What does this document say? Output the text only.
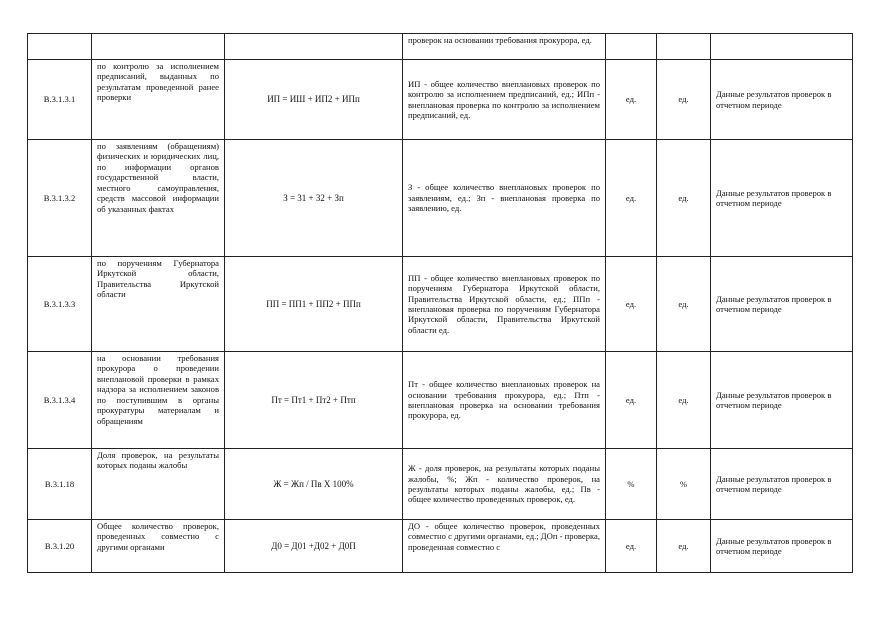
			проверок на основании требования прокурора, ед.			
В.3.1.3.1	по контролю за исполнением предписаний, выданных по результатам проведенной ранее проверки	ИП = ИШ + ИП2 + ИПп	ИП - общее количество внеплановых проверок по контролю за исполнением предписаний, ед.; ИПп - внеплановая проверка по контролю за исполнением предписаний, ед.	ед.	ед.	Данные результатов проверок в отчетном периоде
В.3.1.3.2	по заявлениям (обращениям) физических и юридических лиц, по информации органов государственной власти, местного самоуправления, средств массовой информации об указанных фактах	З = 31 + 32 + Зп	З - общее количество внеплановых проверок по заявлениям, ед.; Зп - внеплановая проверка по заявлению, ед.	ед.	ед.	Данные результатов проверок в отчетном периоде
В.3.1.3.3	по поручениям Губернатора Иркутской области, Правительства Иркутской области	ПП = ПП1 + ПП2 + ППп	ПП - общее количество внеплановых проверок по поручениям Губернатора Иркутской области, Правительства Иркутской области, ед.; ППп - внеплановая проверка по поручениям Губернатора Иркутской области, Правительства Иркутской области ед.	ед.	ед.	Данные результатов проверок в отчетном периоде
В.3.1.3.4	на основании требования прокурора о проведении внеплановой проверки в рамках надзора за исполнением законов по поступившим в органы прокуратуры материалам и обращениям	Пт = Пт1 + Пт2 + Птп	Пт - общее количество внеплановых проверок на основании требования прокурора, ед.; Птп - внеплановая проверка на основании требования прокурора, ед.	ед.	ед.	Данные результатов проверок в отчетном периоде
В.3.1.18	Доля проверок, на результаты которых поданы жалобы	Ж = Жп / Пв X 100%	Ж - доля проверок, на результаты которых поданы жалобы, %; Жп - количество проверок, на результаты которых поданы жалобы, ед.; Пв - общее количество проведенных проверок, ед.	%	%	Данные результатов проверок в отчетном периоде
В.3.1.20	Общее количество проверок, проведенных совместно с другими органами	Д0 = Д01 +Д02 + Д0П	ДО - общее количество проверок, проведенных совместно с другими органами, ед.; ДОп - проверка, проведенная совместно с	ед.	ед.	Данные результатов проверок в отчетном периоде
